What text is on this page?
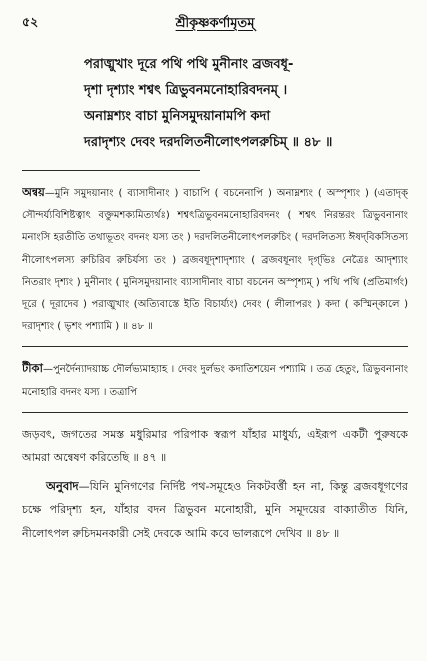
৫২	শ্রীকৃষ্ণকর্ণামৃতম্
পরাঙ্মুখাং দূরে পথি পথি মুনীনাং ব্রজবধূ-
দৃশা দৃশ্যাং শশ্বৎ ত্রিভুবনমনোহারিবদনম্ ।
অনাম্নশ্যং বাচা মুনিসমুদয়ানামপি কদা
দরাদৃশ্যং দেবং দরদলিতনীলোৎপলরুচিম্ ॥ ৪৮ ॥

অন্বয়—মুনি সমুদয়ানাং ( ব্যাসাদীনাং ) বাচাপি ( বচনেনাপি ) অনাম্নশ্যং ( অস্পৃশ্যং ) (এতাদৃক্‌ সৌন্দর্য্যবিশিষ্টত্বাৎ বক্তুমশক্যমিত্যর্থঃ) শশ্বৎত্রিভুবনমনোহারিবদনং ( শশ্বৎ নিরন্তরং ত্রিভুবনানাং মনাংসি হরতীতি তথাভূতং বদনং যস্য তং ) দরদলিতনীলোৎপলরুচিং ( দরদলিতস্য ঈষদ্‌বিকসিতস্য নীলোৎপলস্য রুচিরিব রুচির্যস্য তং ) ব্রজবধূদৃশাদৃশ্যাং ( ব্রজবধূনাং দৃগ্‌ভিঃ নেত্রৈঃ আদৃশ্যাং নিতরাং দৃশ্যং ) মুনীনাং ( মুনিসমুদয়ানাং ব্যাসাদীনাং বাচা বচনেন অস্পৃশ্যম্ ) পথি পথি (প্রতিমার্গং) দূরে ( দূরাদেব ) পরাঙ্মুখাং (অত্যিবাস্তে ইতি বিচার্য্যং) দেবং ( লীলাপরং ) কদা ( কস্মিন্‌কালে ) দরাদৃশ্যং ( ভৃশং পশ্যামি ) ॥ ৪৮ ॥

টীকা—পুনর্দৈন্যাদয়াচ্চ দৌর্লভ্যমাহ্যাহ । দেবং দুর্লভং কদাতিশয়েন পশ্যামি । তত্র হেতুং, ত্রিভুবনানাং মনোহারি বদনং যস্য । তত্রাপি

জড়বৎ, জগতের সমস্ত মধুরিমার পরিপাক স্বরূপ যাঁহার মাধুর্য্য, এইরূপ একটী পুরুষকে আমরা অন্বেষণ করিতেছি ॥ ৪৭ ॥

অনুবাদ—যিনি মুনিগণের নির্দিষ্ট পথ-সমূহেও নিকটবর্ত্তী হন না, কিন্তু ব্রজবধূগণের চক্ষে পরিদৃশ্য হন, যাঁহার বদন ত্রিভুবন মনোহারী, মুনি সমূদয়ের বাক্যাতীত যিনি, নীলোৎপল রুচিদমনকারী সেই দেবকে আমি কবে ভালরূপে দেখিব ॥ ৪৮ ॥
